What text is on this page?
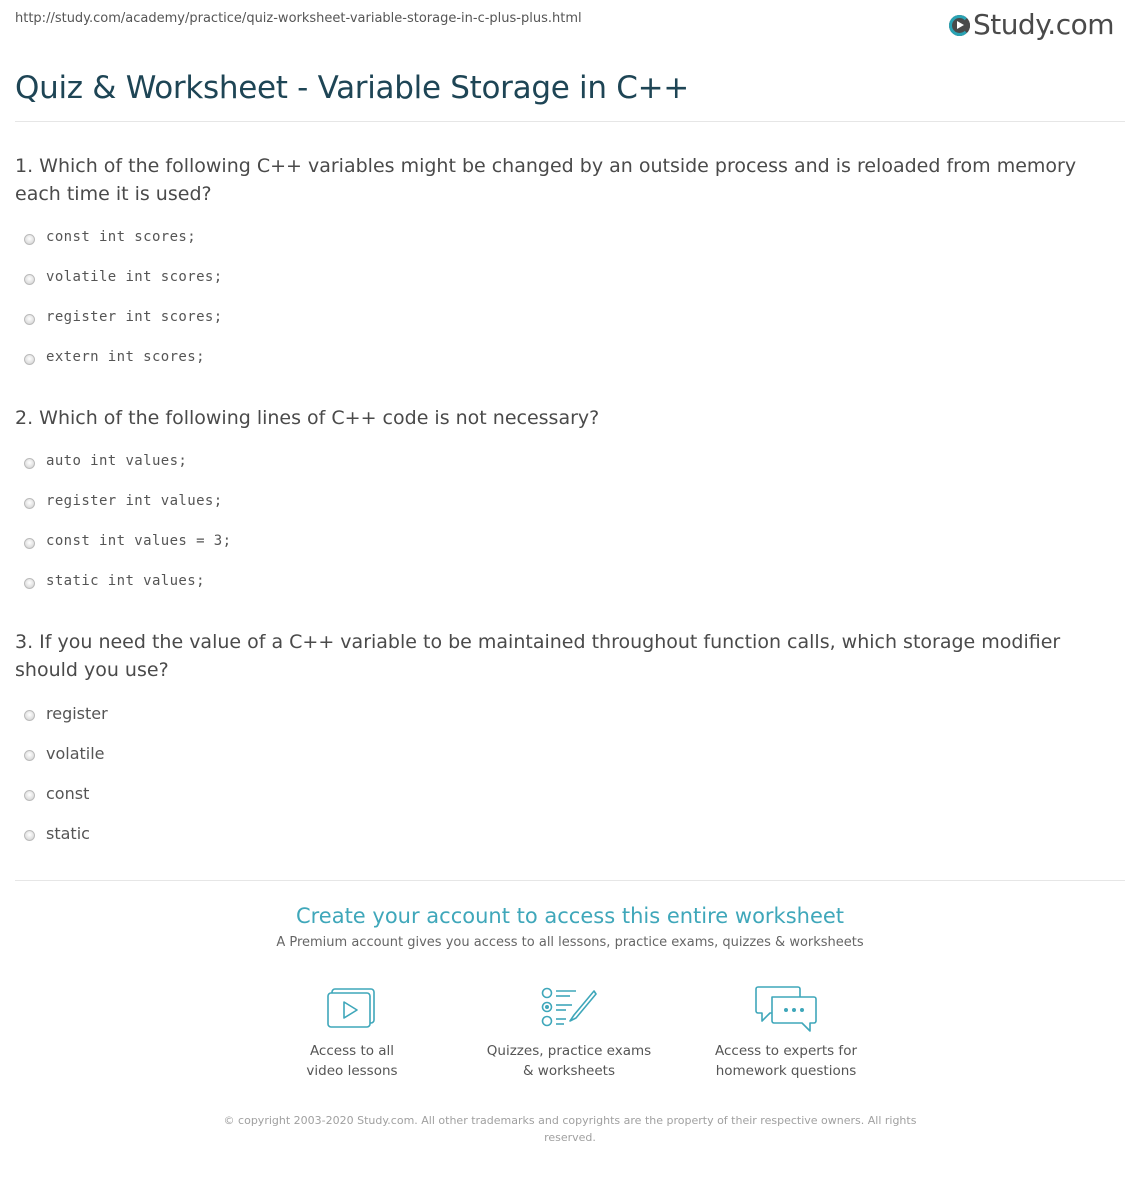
http://study.com/academy/practice/quiz-worksheet-variable-storage-in-c-plus-plus.html	Study.com
Quiz & Worksheet - Variable Storage in C++

1. Which of the following C++ variables might be changed by an outside process and is reloaded from memory each time it is used?

const int scores;
volatile int scores;
register int scores;
extern int scores;

2. Which of the following lines of C++ code is not necessary?

auto int values;
register int values;
const int values = 3;
static int values;

3. If you need the value of a C++ variable to be maintained throughout function calls, which storage modifier should you use?

register
volatile
const
static
Create your account to access this entire worksheet
A Premium account gives you access to all lessons, practice exams, quizzes & worksheets
Access to all
video lessons
Quizzes, practice exams
& worksheets
Access to experts for
homework questions
© copyright 2003-2020 Study.com. All other trademarks and copyrights are the property of their respective owners. All rights reserved.
